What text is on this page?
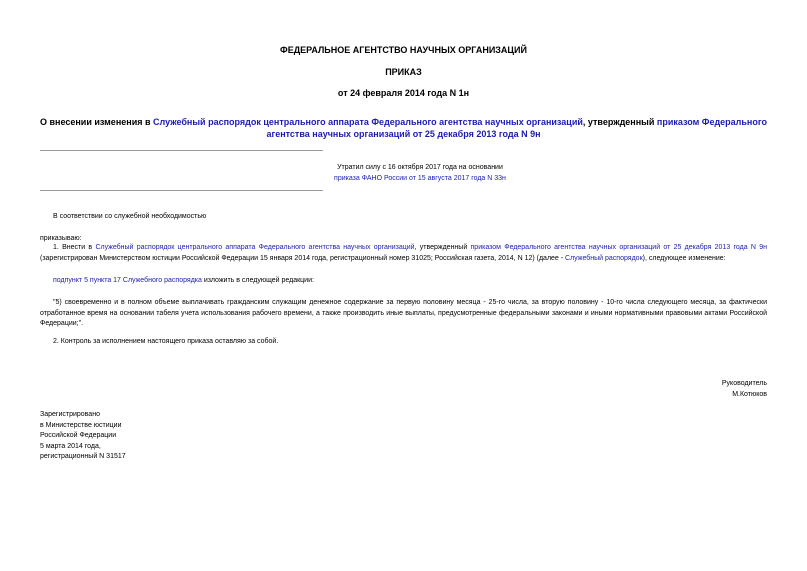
ФЕДЕРАЛЬНОЕ АГЕНТСТВО НАУЧНЫХ ОРГАНИЗАЦИЙ
ПРИКАЗ
от 24 февраля 2014 года N 1н
О внесении изменения в Служебный распорядок центрального аппарата Федерального агентства научных организаций, утвержденный приказом Федерального агентства научных организаций от 25 декабря 2013 года N 9н
Утратил силу с 16 октября 2017 года на основании
приказа ФАНО России от 15 августа 2017 года N 33н
В соответствии со служебной необходимостью
приказываю:
1. Внести в Служебный распорядок центрального аппарата Федерального агентства научных организаций, утвержденный приказом Федерального агентства научных организаций от 25 декабря 2013 года N 9н (зарегистрирован Министерством юстиции Российской Федерации 15 января 2014 года, регистрационный номер 31025; Российская газета, 2014, N 12) (далее - Служебный распорядок), следующее изменение:
подпункт 5 пункта 17 Служебного распорядка изложить в следующей редакции:
"5) своевременно и в полном объеме выплачивать гражданским служащим денежное содержание за первую половину месяца - 25-го числа, за вторую половину - 10-го числа следующего месяца, за фактически отработанное время на основании табеля учета использования рабочего времени, а также производить иные выплаты, предусмотренные федеральными законами и иными нормативными правовыми актами Российской Федерации;".
2. Контроль за исполнением настоящего приказа оставляю за собой.
Руководитель
М.Котюков
Зарегистрировано
в Министерстве юстиции
Российской Федерации
5 марта 2014 года,
регистрационный N 31517
